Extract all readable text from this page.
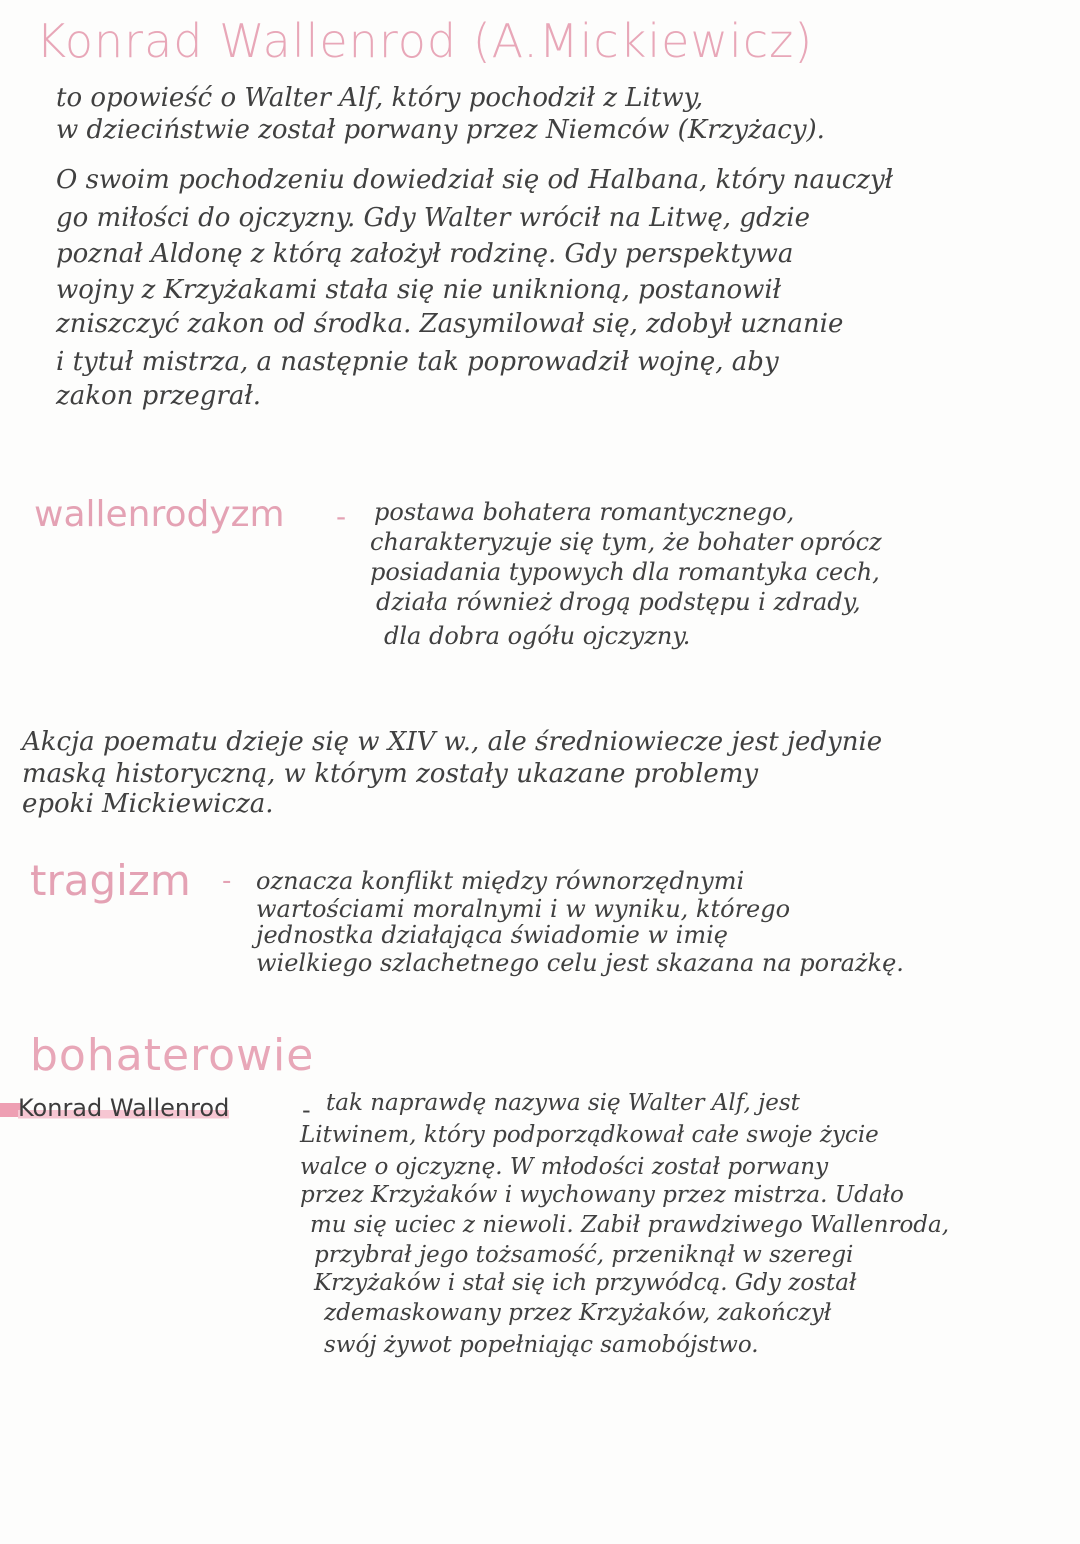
Konrad Wallenrod (A.Mickiewicz)
to opowieść o Walter Alf, który pochodził z Litwy,
w dzieciństwie został porwany przez Niemców (Krzyżacy).
O swoim pochodzeniu dowiedział się od Halbana, który nauczył
go miłości do ojczyzny. Gdy Walter wrócił na Litwę, gdzie
poznał Aldonę z którą założył rodzinę. Gdy perspektywa
wojny z Krzyżakami stała się nie uniknioną, postanowił
zniszczyć zakon od środka. Zasymilował się, zdobył uznanie
i tytuł mistrza, a następnie tak poprowadził wojnę, aby
zakon przegrał.
wallenrodyzm - postawa bohatera romantycznego,
charakteryzuje się tym, że bohater oprócz
posiadania typowych dla romantyka cech,
działa również drogą podstępu i zdrady,
dla dobra ogółu ojczyzny.
Akcja poematu dzieje się w XIV w., ale średniowiecze jest jedynie
maską historyczną, w którym zostały ukazane problemy
epoki Mickiewicza.
tragizm - oznacza konflikt między równorzędnymi
wartościami moralnymi i w wyniku, którego
jednostka działająca świadomie w imię
wielkiego szlachetnego celu jest skazana na porażkę.
bohaterowie
Konrad Wallenrod	- tak naprawdę nazywa się Walter Alf, jest
Litwinem, który podporządkował całe swoje życie
walce o ojczyznę. W młodości został porwany
przez Krzyżaków i wychowany przez mistrza. Udało
mu się uciec z niewoli. Zabił prawdziwego Wallenroda,
przybrał jego tożsamość, przeniknął w szeregi
Krzyżaków i stał się ich przywódcą. Gdy został
zdemaskowany przez Krzyżaków, zakończył
swój żywot popełniając samobójstwo.
